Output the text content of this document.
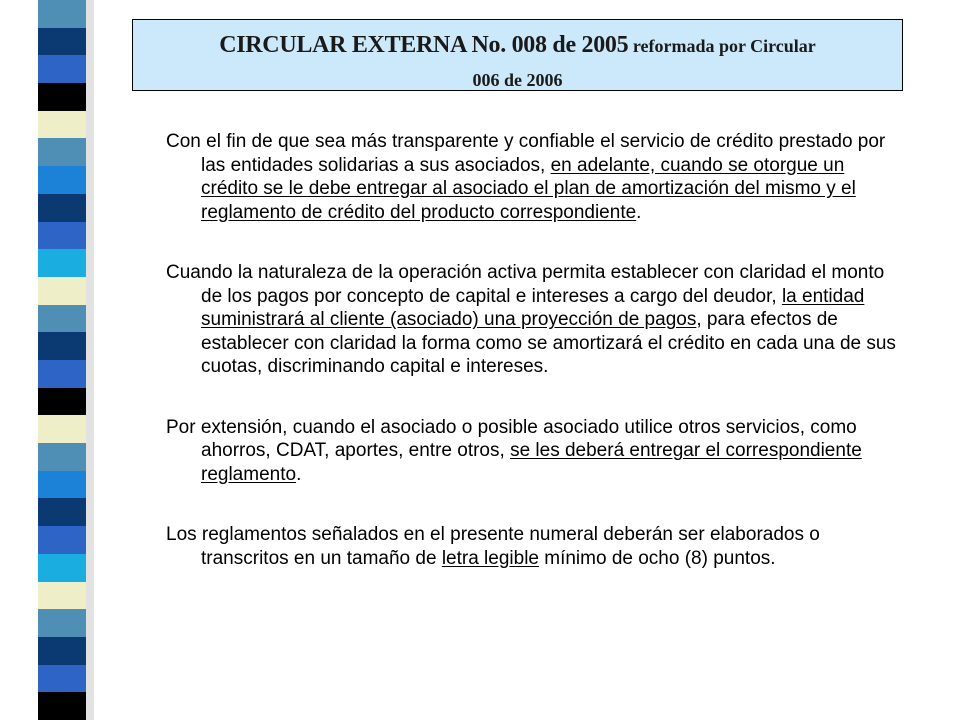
CIRCULAR EXTERNA No. 008 de 2005 reformada por Circular
006 de 2006

Con el fin de que sea más transparente y confiable el servicio de crédito prestado por las entidades solidarias a sus asociados, en adelante, cuando se otorgue un crédito se le debe entregar al asociado el plan de amortización del mismo y el reglamento de crédito del producto correspondiente.

Cuando la naturaleza de la operación activa permita establecer con claridad el monto de los pagos por concepto de capital e intereses a cargo del deudor, la entidad suministrará al cliente (asociado) una proyección de pagos, para efectos de establecer con claridad la forma como se amortizará el crédito en cada una de sus cuotas, discriminando capital e intereses.

Por extensión, cuando el asociado o posible asociado utilice otros servicios, como ahorros, CDAT, aportes, entre otros, se les deberá entregar el correspondiente reglamento.

Los reglamentos señalados en el presente numeral deberán ser elaborados o transcritos en un tamaño de letra legible mínimo de ocho (8) puntos.
